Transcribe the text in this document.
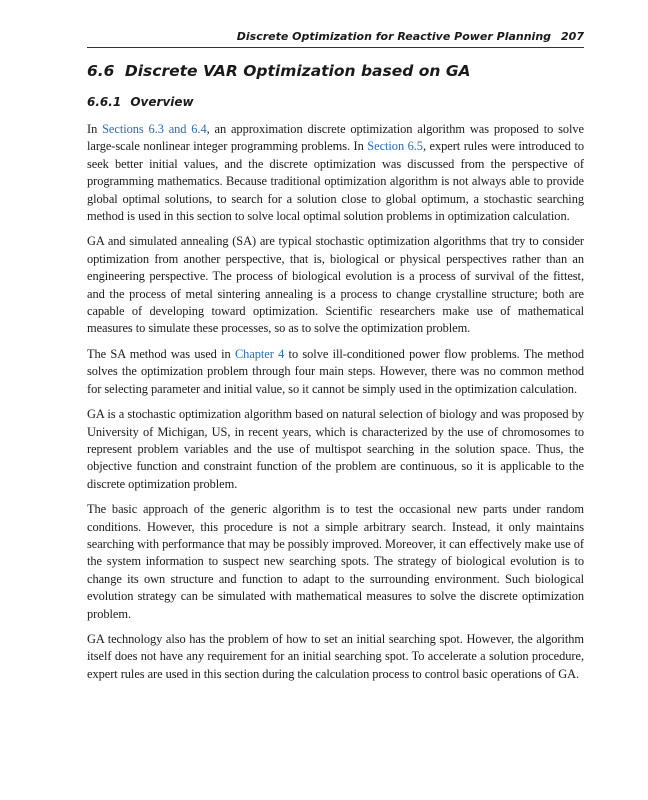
Discrete Optimization for Reactive Power Planning 207
6.6 Discrete VAR Optimization based on GA
6.6.1 Overview

In Sections 6.3 and 6.4, an approximation discrete optimization algorithm was proposed to solve large-scale nonlinear integer programming problems. In Section 6.5, expert rules were introduced to seek better initial values, and the discrete optimization was discussed from the perspective of programming mathematics. Because traditional optimization algorithm is not always able to provide global optimal solutions, to search for a solution close to global optimum, a stochastic searching method is used in this section to solve local optimal solution problems in optimization calculation.

GA and simulated annealing (SA) are typical stochastic optimization algorithms that try to consider optimization from another perspective, that is, biological or physical perspectives rather than an engineering perspective. The process of biological evolution is a process of survival of the fittest, and the process of metal sintering annealing is a process to change crystalline structure; both are capable of developing toward optimization. Scientific researchers make use of mathematical measures to simulate these processes, so as to solve the optimization problem.

The SA method was used in Chapter 4 to solve ill-conditioned power flow problems. The method solves the optimization problem through four main steps. However, there was no common method for selecting parameter and initial value, so it cannot be simply used in the optimization calculation.

GA is a stochastic optimization algorithm based on natural selection of biology and was proposed by University of Michigan, US, in recent years, which is characterized by the use of chromosomes to represent problem variables and the use of multispot searching in the solution space. Thus, the objective function and constraint function of the problem are continuous, so it is applicable to the discrete optimization problem.

The basic approach of the generic algorithm is to test the occasional new parts under random conditions. However, this procedure is not a simple arbitrary search. Instead, it only maintains searching with performance that may be possibly improved. Moreover, it can effectively make use of the system information to suspect new searching spots. The strategy of biological evolution is to change its own structure and function to adapt to the surrounding environment. Such biological evolution strategy can be simulated with mathematical measures to solve the discrete optimization problem.

GA technology also has the problem of how to set an initial searching spot. However, the algorithm itself does not have any requirement for an initial searching spot. To accelerate a solution procedure, expert rules are used in this section during the calculation process to control basic operations of GA.
